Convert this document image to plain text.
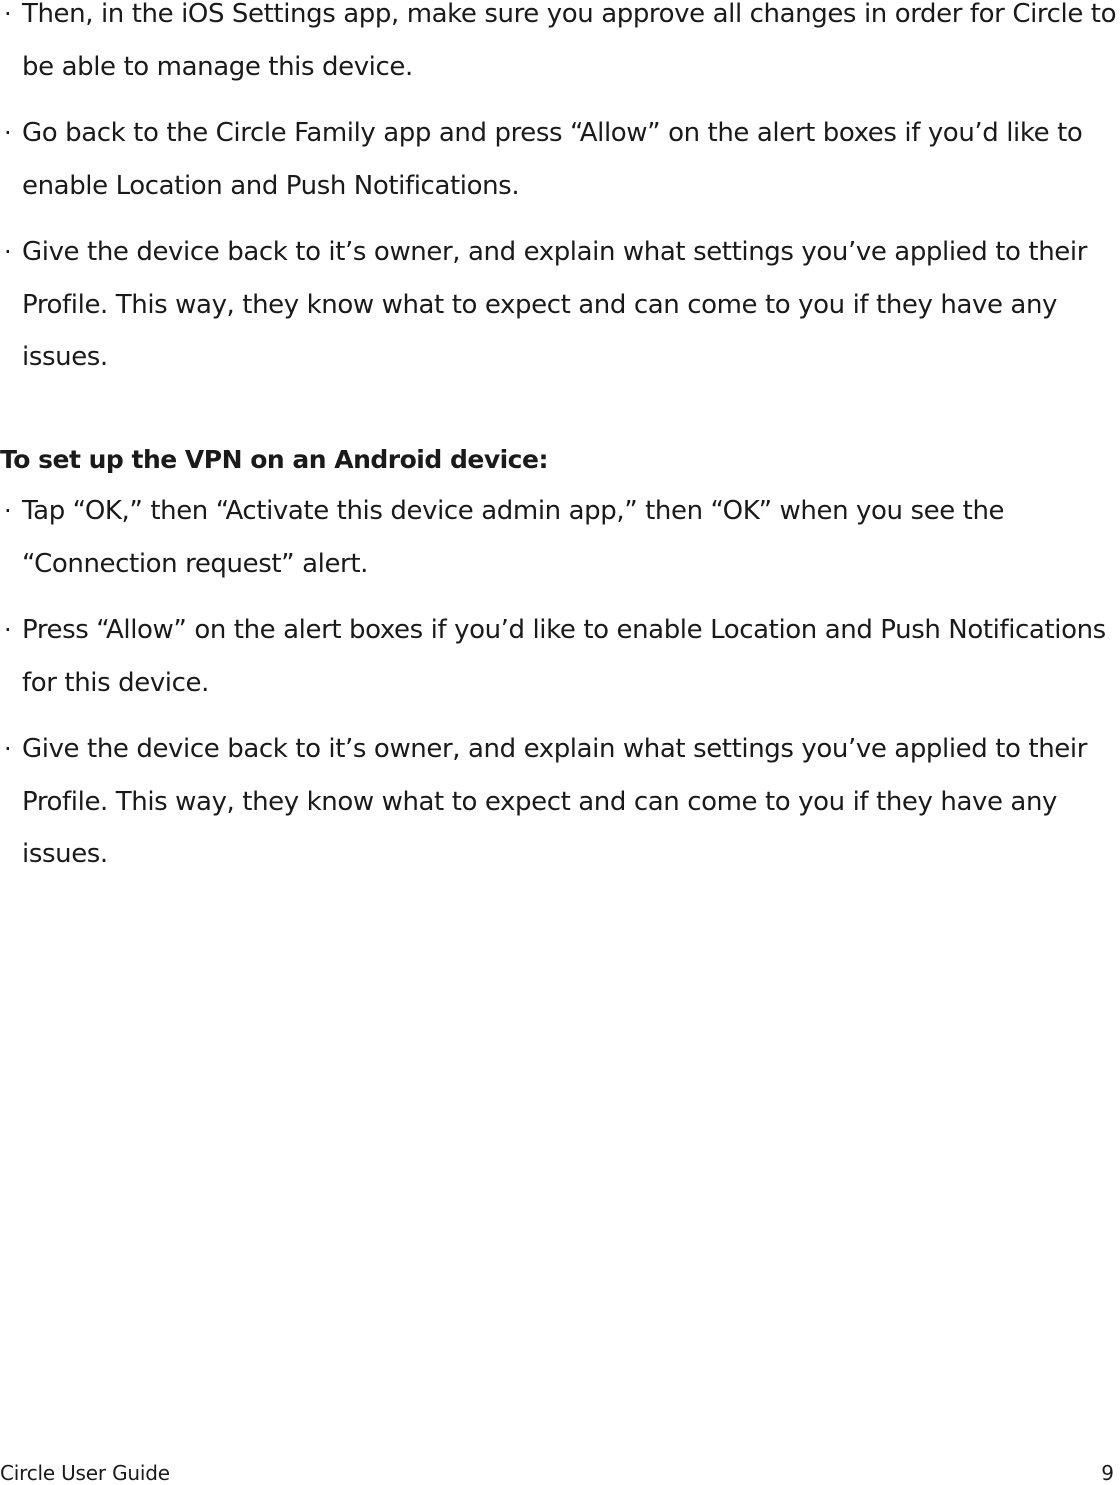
· Then, in the iOS Settings app, make sure you approve all changes in order for Circle to be able to manage this device.
· Go back to the Circle Family app and press “Allow” on the alert boxes if you’d like to enable Location and Push Notifications.
· Give the device back to it’s owner, and explain what settings you’ve applied to their Profile. This way, they know what to expect and can come to you if they have any issues.
To set up the VPN on an Android device:
· Tap “OK,” then “Activate this device admin app,” then “OK” when you see the “Connection request” alert.
· Press “Allow” on the alert boxes if you’d like to enable Location and Push Notifications for this device.
· Give the device back to it’s owner, and explain what settings you’ve applied to their Profile. This way, they know what to expect and can come to you if they have any issues.
Circle User Guide	9
